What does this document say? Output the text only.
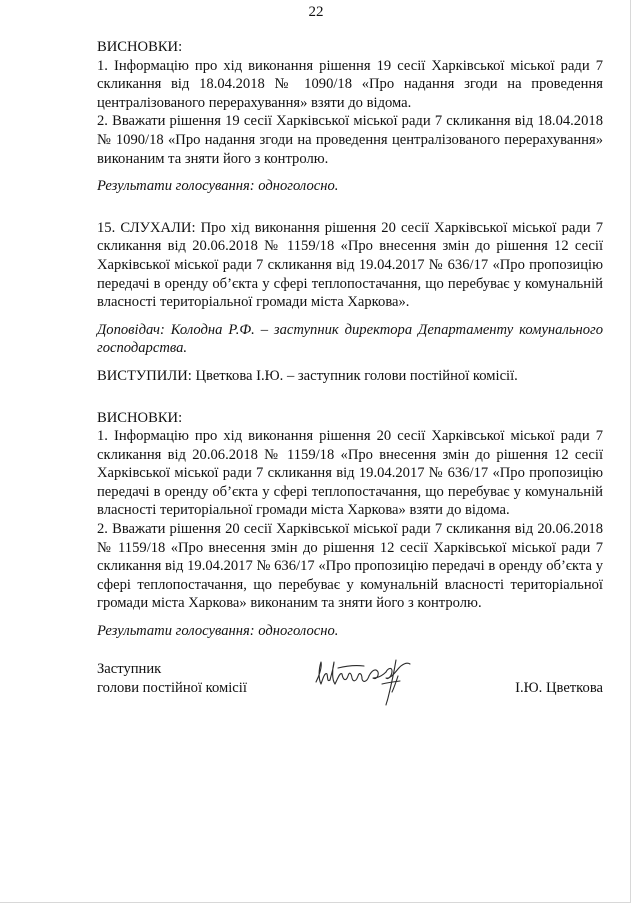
22

ВИСНОВКИ:

1. Інформацію про хід виконання рішення 19 сесії Харківської міської ради 7 скликання від 18.04.2018 № 1090/18 «Про надання згоди на проведення централізованого перерахування» взяти до відома.

2. Вважати рішення 19 сесії Харківської міської ради 7 скликання від 18.04.2018 № 1090/18 «Про надання згоди на проведення централізованого перерахування» виконаним та зняти його з контролю.

Результати голосування: одноголосно.

15. СЛУХАЛИ: Про хід виконання рішення 20 сесії Харківської міської ради 7 скликання від 20.06.2018 № 1159/18 «Про внесення змін до рішення 12 сесії Харківської міської ради 7 скликання від 19.04.2017 № 636/17 «Про пропозицію передачі в оренду об’єкта у сфері теплопостачання, що перебуває у комунальній власності територіальної громади міста Харкова».

Доповідач: Колодна Р.Ф. – заступник директора Департаменту комунального господарства.

ВИСТУПИЛИ: Цветкова І.Ю. – заступник голови постійної комісії.

ВИСНОВКИ:

1. Інформацію про хід виконання рішення 20 сесії Харківської міської ради 7 скликання від 20.06.2018 № 1159/18 «Про внесення змін до рішення 12 сесії Харківської міської ради 7 скликання від 19.04.2017 № 636/17 «Про пропозицію передачі в оренду об’єкта у сфері теплопостачання, що перебуває у комунальній власності територіальної громади міста Харкова» взяти до відома.

2. Вважати рішення 20 сесії Харківської міської ради 7 скликання від 20.06.2018 № 1159/18 «Про внесення змін до рішення 12 сесії Харківської міської ради 7 скликання від 19.04.2017 № 636/17 «Про пропозицію передачі в оренду об’єкта у сфері теплопостачання, що перебуває у комунальній власності територіальної громади міста Харкова» виконаним та зняти його з контролю.

Результати голосування: одноголосно.

Заступник
голови постійної комісії	І.Ю. Цветкова
